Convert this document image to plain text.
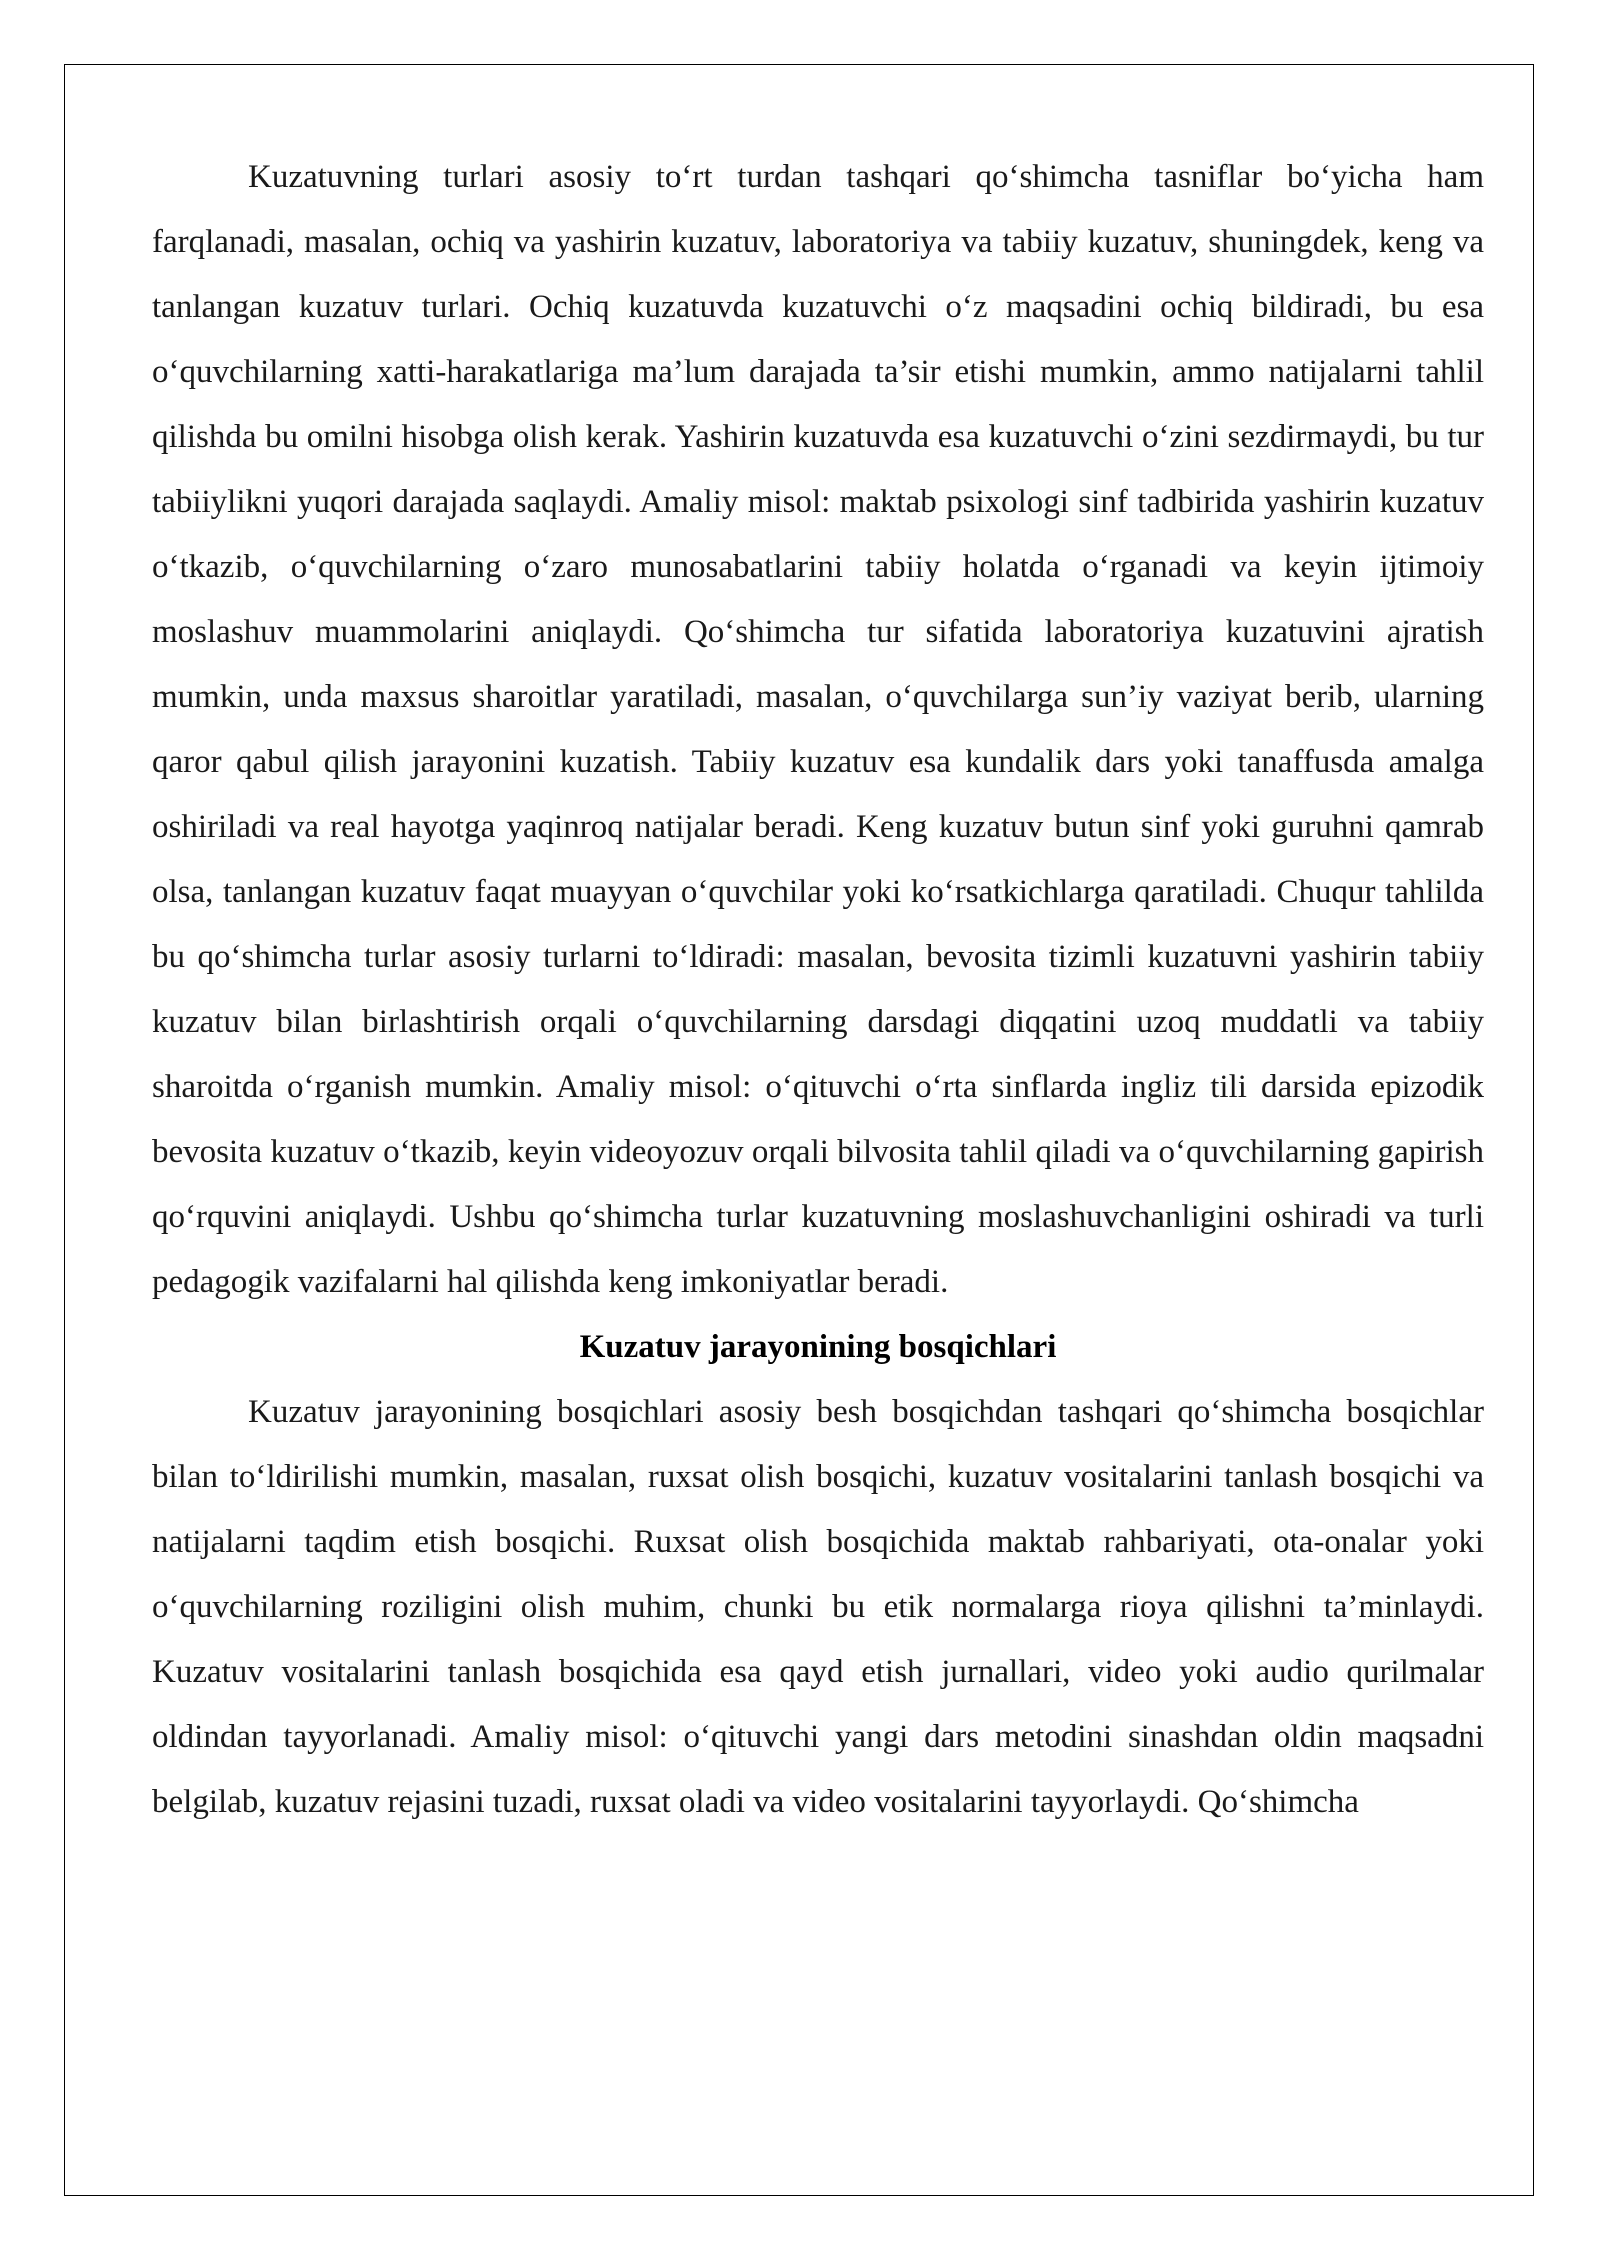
Kuzatuvning turlari asosiy to‘rt turdan tashqari qo‘shimcha tasniflar bo‘yicha ham farqlanadi, masalan, ochiq va yashirin kuzatuv, laboratoriya va tabiiy kuzatuv, shuningdek, keng va tanlangan kuzatuv turlari. Ochiq kuzatuvda kuzatuvchi o‘z maqsadini ochiq bildiradi, bu esa o‘quvchilarning xatti-harakatlariga ma’lum darajada ta’sir etishi mumkin, ammo natijalarni tahlil qilishda bu omilni hisobga olish kerak. Yashirin kuzatuvda esa kuzatuvchi o‘zini sezdirmaydi, bu tur tabiiylikni yuqori darajada saqlaydi. Amaliy misol: maktab psixologi sinf tadbirida yashirin kuzatuv o‘tkazib, o‘quvchilarning o‘zaro munosabatlarini tabiiy holatda o‘rganadi va keyin ijtimoiy moslashuv muammolarini aniqlaydi. Qo‘shimcha tur sifatida laboratoriya kuzatuvini ajratish mumkin, unda maxsus sharoitlar yaratiladi, masalan, o‘quvchilarga sun’iy vaziyat berib, ularning qaror qabul qilish jarayonini kuzatish. Tabiiy kuzatuv esa kundalik dars yoki tanaffusda amalga oshiriladi va real hayotga yaqinroq natijalar beradi. Keng kuzatuv butun sinf yoki guruhni qamrab olsa, tanlangan kuzatuv faqat muayyan o‘quvchilar yoki ko‘rsatkichlarga qaratiladi. Chuqur tahlilda bu qo‘shimcha turlar asosiy turlarni to‘ldiradi: masalan, bevosita tizimli kuzatuvni yashirin tabiiy kuzatuv bilan birlashtirish orqali o‘quvchilarning darsdagi diqqatini uzoq muddatli va tabiiy sharoitda o‘rganish mumkin. Amaliy misol: o‘qituvchi o‘rta sinflarda ingliz tili darsida epizodik bevosita kuzatuv o‘tkazib, keyin videoyozuv orqali bilvosita tahlil qiladi va o‘quvchilarning gapirish qo‘rquvini aniqlaydi. Ushbu qo‘shimcha turlar kuzatuvning moslashuvchanligini oshiradi va turli pedagogik vazifalarni hal qilishda keng imkoniyatlar beradi.

Kuzatuv jarayonining bosqichlari

Kuzatuv jarayonining bosqichlari asosiy besh bosqichdan tashqari qo‘shimcha bosqichlar bilan to‘ldirilishi mumkin, masalan, ruxsat olish bosqichi, kuzatuv vositalarini tanlash bosqichi va natijalarni taqdim etish bosqichi. Ruxsat olish bosqichida maktab rahbariyati, ota-onalar yoki o‘quvchilarning roziligini olish muhim, chunki bu etik normalarga rioya qilishni ta’minlaydi. Kuzatuv vositalarini tanlash bosqichida esa qayd etish jurnallari, video yoki audio qurilmalar oldindan tayyorlanadi. Amaliy misol: o‘qituvchi yangi dars metodini sinashdan oldin maqsadni belgilab, kuzatuv rejasini tuzadi, ruxsat oladi va video vositalarini tayyorlaydi. Qo‘shimcha
